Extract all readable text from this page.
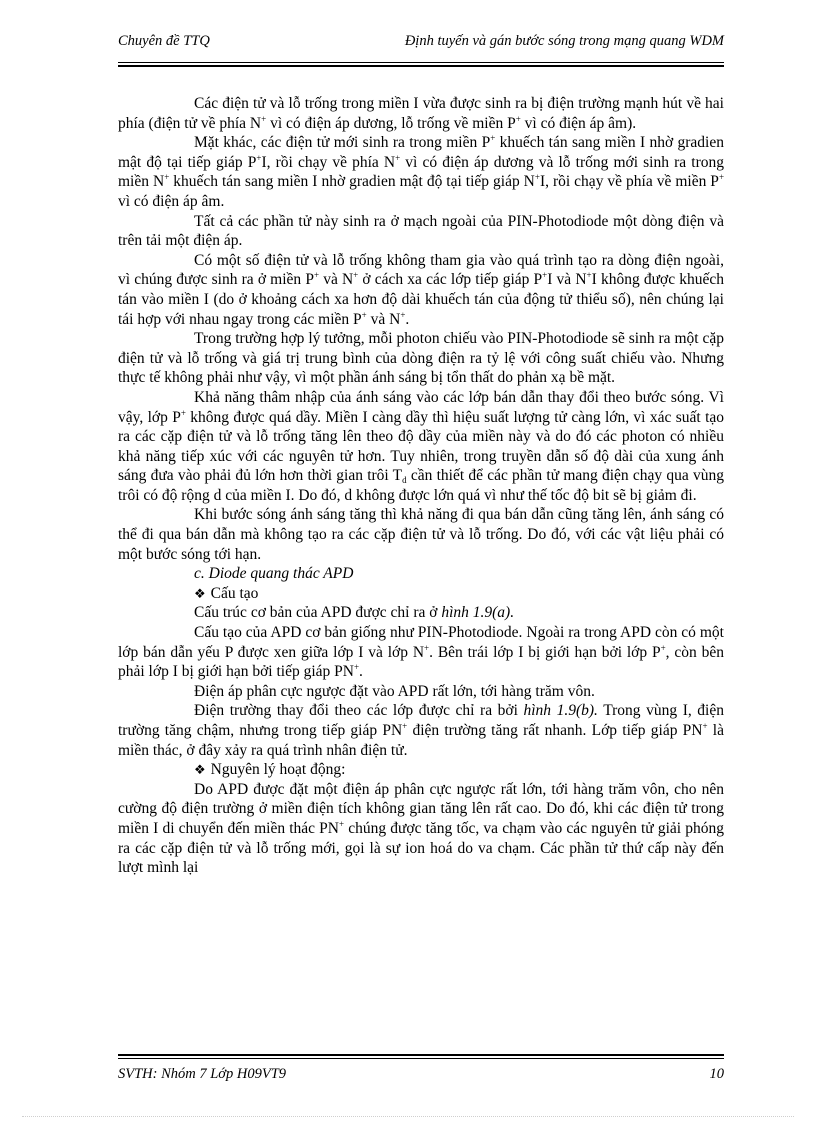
Chuyên đề TTQ	Định tuyến và gán bước sóng trong mạng quang WDM

Các điện tử và lỗ trống trong miền I vừa được sinh ra bị điện trường mạnh hút về hai phía (điện tử về phía N+ vì có điện áp dương, lỗ trống về miền P+ vì có điện áp âm).

Mặt khác, các điện tử mới sinh ra trong miền P+ khuếch tán sang miền I nhờ gradien mật độ tại tiếp giáp P+I, rồi chạy về phía N+ vì có điện áp dương và lỗ trống mới sinh ra trong miền N+ khuếch tán sang miền I nhờ gradien mật độ tại tiếp giáp N+I, rồi chạy về phía về miền P+ vì có điện áp âm.

Tất cả các phần tử này sinh ra ở mạch ngoài của PIN-Photodiode một dòng điện và trên tải một điện áp.

Có một số điện tử và lỗ trống không tham gia vào quá trình tạo ra dòng điện ngoài, vì chúng được sinh ra ở miền P+ và N+ ở cách xa các lớp tiếp giáp P+I và N+I không được khuếch tán vào miền I (do ở khoảng cách xa hơn độ dài khuếch tán của động tử thiểu số), nên chúng lại tái hợp với nhau ngay trong các miền P+ và N+.

Trong trường hợp lý tưởng, mỗi photon chiếu vào PIN-Photodiode sẽ sinh ra một cặp điện tử và lỗ trống và giá trị trung bình của dòng điện ra tỷ lệ với công suất chiếu vào. Nhưng thực tế không phải như vậy, vì một phần ánh sáng bị tổn thất do phản xạ bề mặt.

Khả năng thâm nhập của ánh sáng vào các lớp bán dẫn thay đổi theo bước sóng. Vì vậy, lớp P+ không được quá dầy. Miền I càng dầy thì hiệu suất lượng tử càng lớn, vì xác suất tạo ra các cặp điện tử và lỗ trống tăng lên theo độ dầy của miền này và do đó các photon có nhiều khả năng tiếp xúc với các nguyên tử hơn. Tuy nhiên, trong truyền dẫn số độ dài của xung ánh sáng đưa vào phải đủ lớn hơn thời gian trôi $T_d$ cần thiết để các phần tử mang điện chạy qua vùng trôi có độ rộng d của miền I. Do đó, d không được lớn quá vì như thế tốc độ bit sẽ bị giảm đi.

Khi bước sóng ánh sáng tăng thì khả năng đi qua bán dẫn cũng tăng lên, ánh sáng có thể đi qua bán dẫn mà không tạo ra các cặp điện tử và lỗ trống. Do đó, với các vật liệu phải có một bước sóng tới hạn.

c. Diode quang thác APD

❖ Cấu tạo

Cấu trúc cơ bản của APD được chỉ ra ở hình 1.9(a).

Cấu tạo của APD cơ bản giống như PIN-Photodiode. Ngoài ra trong APD còn có một lớp bán dẫn yếu P được xen giữa lớp I và lớp N+. Bên trái lớp I bị giới hạn bởi lớp P+, còn bên phải lớp I bị giới hạn bởi tiếp giáp PN+.

Điện áp phân cực ngược đặt vào APD rất lớn, tới hàng trăm vôn.

Điện trường thay đổi theo các lớp được chỉ ra bởi hình 1.9(b). Trong vùng I, điện trường tăng chậm, nhưng trong tiếp giáp PN+ điện trường tăng rất nhanh. Lớp tiếp giáp PN+ là miền thác, ở đây xảy ra quá trình nhân điện tử.

❖ Nguyên lý hoạt động:

Do APD được đặt một điện áp phân cực ngược rất lớn, tới hàng trăm vôn, cho nên cường độ điện trường ở miền điện tích không gian tăng lên rất cao. Do đó, khi các điện tử trong miền I di chuyển đến miền thác PN+ chúng được tăng tốc, va chạm vào các nguyên tử giải phóng ra các cặp điện tử và lỗ trống mới, gọi là sự ion hoá do va chạm. Các phần tử thứ cấp này đến lượt mình lại

SVTH: Nhóm 7 Lớp H09VT9	10
